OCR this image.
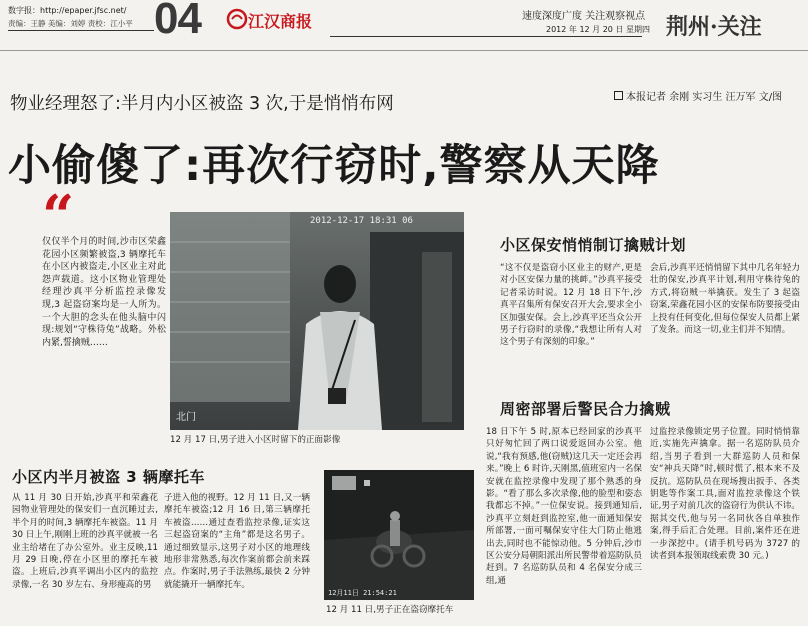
数字报：http://epaper.jfsc.net/
责编：王静 美编：刘婷 责校：江小平 04	江汉商报	速度深度广度 关注观察视点
2012 年 12 月 20 日 星期四 荆州·关注
物业经理怒了:半月内小区被盗 3 次,于是悄悄布网	本报记者 余刚 实习生 汪万军 文/图
小偷傻了:再次行窃时,警察从天降
“
仅仅半个月的时间,沙市区荣鑫花园小区频繁被盗,3 辆摩托车在小区内被盗走,小区业主对此怨声载道。这小区物业管理处经理沙真平分析监控录像发现,3 起盗窃案均是一人所为。一个大胆的念头在他头脑中闪现:规划“守株待兔”战略。外松内紧,誓擒贼……
2012-12-17 18:31 06
北门
12 月 17 日,男子进入小区时留下的正面影像
小区保安悄悄制订擒贼计划
“这不仅是盗窃小区业主的财产,更是对小区安保力量的挑衅。”沙真平接受记者采访时说。12 月 18 日下午,沙真平召集所有保安召开大会,要求全小区加强安保。会上,沙真平还当众公开男子行窃时的录像,“我想让所有人对这个男子有深刻的印象。”
会后,沙真平还悄悄留下其中几名年轻力壮的保安,沙真平计划,利用守株待兔的方式,将窃贼一举擒获。发生了 3 起盗窃案,荣鑫花园小区的安保布防要接受由上投有任何变化,但每位保安人员都上紧了发条。而这一切,业主们并不知情。
周密部署后警民合力擒贼
18 日下午 5 时,原本已经回家的沙真平只好匆忙回了两口说爱返回办公室。他说,“我有预感,他(窃贼)这几天一定还会再来。”晚上 6 时许,天刚黑,值班室内一名保安就在监控录像中发现了那个熟悉的身影。“看了那么多次录像,他的脸型和姿态我都忘不掉。”一位保安说。接到通知后,沙真平立刻赶到监控室,他一面通知保安所部署,一面可嘱保安守住大门防止他逃出去,同时也不能惊动他。5 分钟后,沙市区公安分局朝阳派出所民警带着巡防队员赶到。7 名巡防队员和 4 名保安分成三组,通
过监控录像锁定男子位置。同时悄悄靠近,实施先声擒拿。据一名巡防队员介绍,当男子看到一大群巡防人员和保安“神兵天降”时,顿时慌了,根本来不及反抗。巡防队员在现场搜出扳手、各类钥匙等作案工具,面对监控录像这个铁证,男子对前几次的盗窃行为供认不讳。据其交代,他与另一名同伙各自单独作案,得手后汇合处理。目前,案件还在进一步深挖中。(请手机号码为 3727 的读者到本报领取线索费 30 元。)
小区内半月被盗 3 辆摩托车
从 11 月 30 日开始,沙真平和荣鑫花园物业管理处的保安们一直沉睡过去,半个月的时间,3 辆摩托车被盗。11 月 30 日上午,刚刚上班的沙真平就被一名业主给堵在了办公室外。业主反映,11 月 29 日晚,停在小区里的摩托车被盗。上班后,沙真平调出小区内的监控录像,一名 30 岁左右、身形瘦高的男
子进入他的视野。12 月 11 日,又一辆摩托车被盗;12 月 16 日,第三辆摩托车被盗……通过查看监控录像,证实这三起盗窃案的“主角”都是这名男子。通过细致显示,这男子对小区的地理线地形非常熟悉,每次作案前都会前来踩点。作案时,男子手法熟练,最快 2 分钟就能撬开一辆摩托车。
12月11日 21:54:21
12 月 11 日,男子正在盗窃摩托车
